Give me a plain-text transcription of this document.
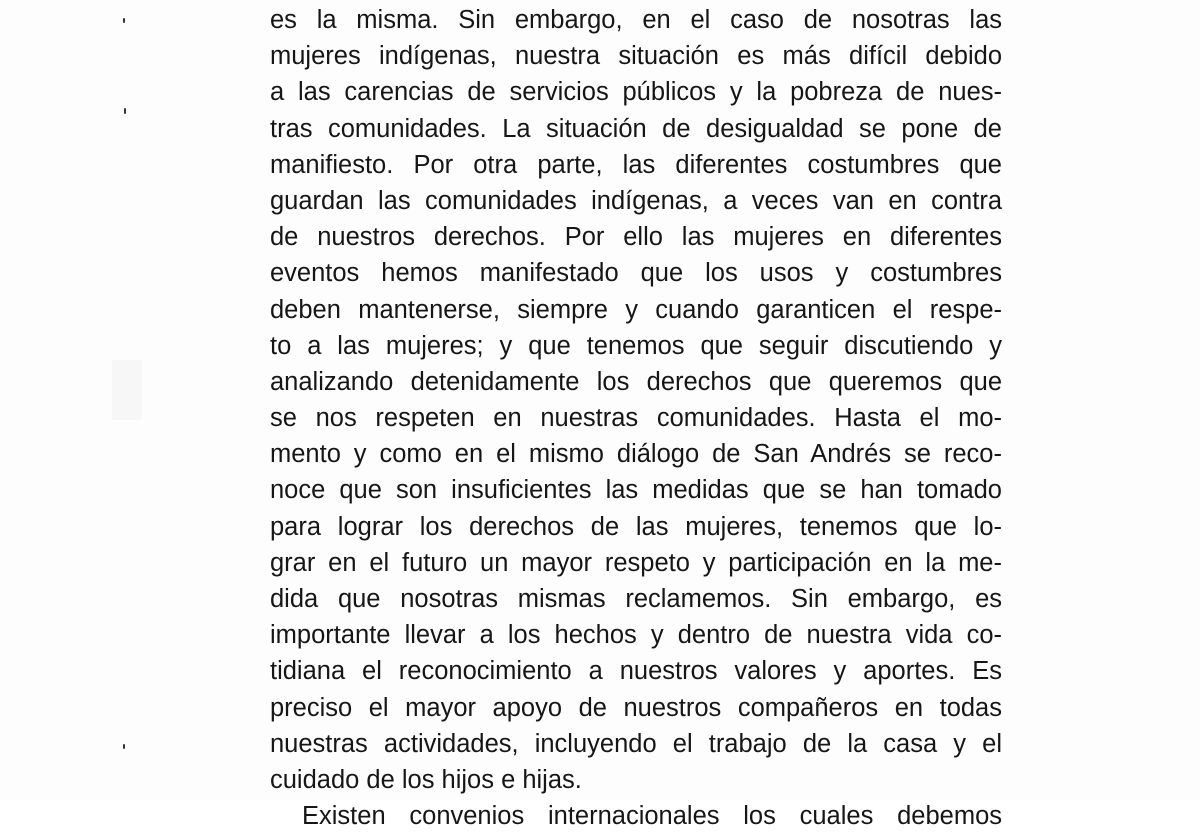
es la misma. Sin embargo, en el caso de nosotras las
mujeres indígenas, nuestra situación es más difícil debido
a las carencias de servicios públicos y la pobreza de nues-
tras comunidades. La situación de desigualdad se pone de
manifiesto. Por otra parte, las diferentes costumbres que
guardan las comunidades indígenas, a veces van en contra
de nuestros derechos. Por ello las mujeres en diferentes
eventos hemos manifestado que los usos y costumbres
deben mantenerse, siempre y cuando garanticen el respe-
to a las mujeres; y que tenemos que seguir discutiendo y
analizando detenidamente los derechos que queremos que
se nos respeten en nuestras comunidades. Hasta el mo-
mento y como en el mismo diálogo de San Andrés se reco-
noce que son insuficientes las medidas que se han tomado
para lograr los derechos de las mujeres, tenemos que lo-
grar en el futuro un mayor respeto y participación en la me-
dida que nosotras mismas reclamemos. Sin embargo, es
importante llevar a los hechos y dentro de nuestra vida co-
tidiana el reconocimiento a nuestros valores y aportes. Es
preciso el mayor apoyo de nuestros compañeros en todas
nuestras actividades, incluyendo el trabajo de la casa y el
cuidado de los hijos e hijas.
Existen convenios internacionales los cuales debemos
